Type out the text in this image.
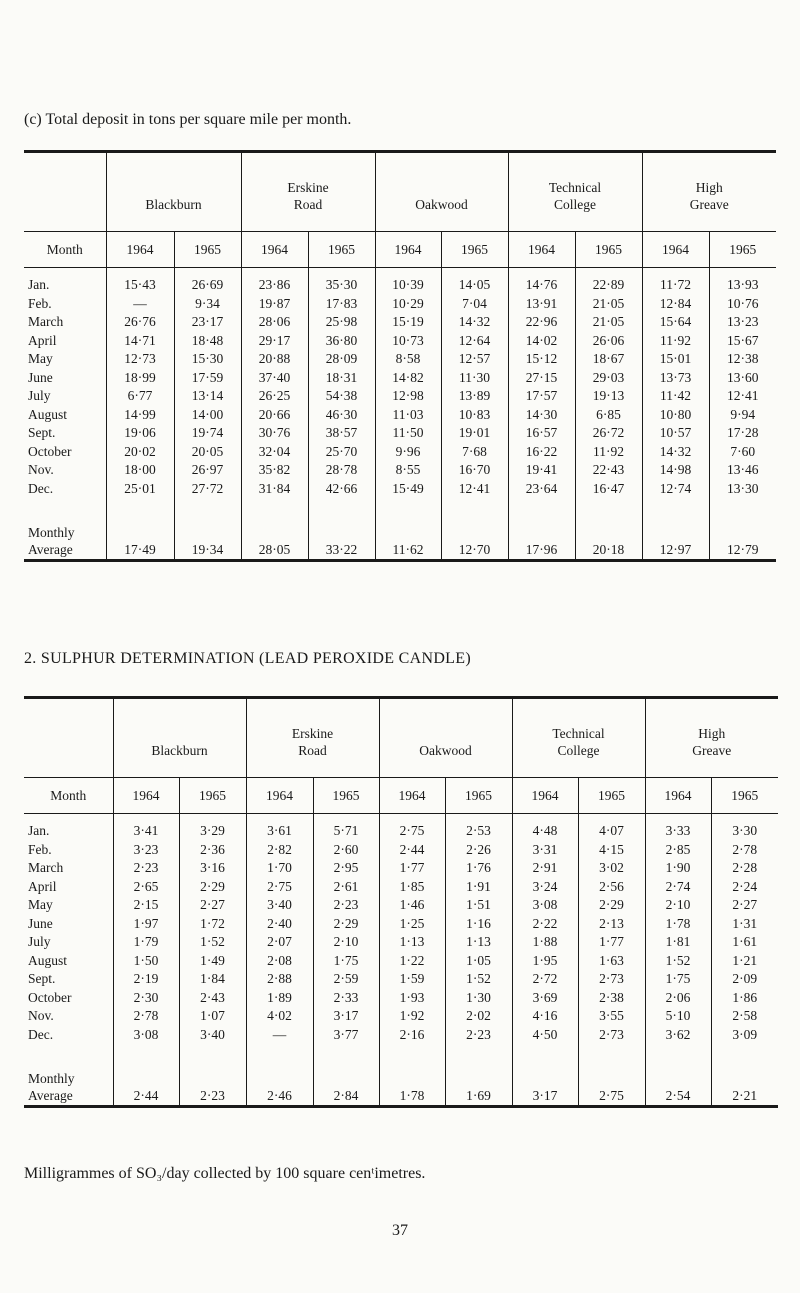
(c) Total deposit in tons per square mile per month.
	Blackburn		Erskine
Road		Oakwood		Technical
College		High
Greave	
Month	1964	1965	1964	1965	1964	1965	1964	1965	1964	1965
Jan.	15·43	26·69	23·86	35·30	10·39	14·05	14·76	22·89	11·72	13·93
Feb.	—	9·34	19·87	17·83	10·29	7·04	13·91	21·05	12·84	10·76
March	26·76	23·17	28·06	25·98	15·19	14·32	22·96	21·05	15·64	13·23
April	14·71	18·48	29·17	36·80	10·73	12·64	14·02	26·06	11·92	15·67
May	12·73	15·30	20·88	28·09	8·58	12·57	15·12	18·67	15·01	12·38
June	18·99	17·59	37·40	18·31	14·82	11·30	27·15	29·03	13·73	13·60
July	6·77	13·14	26·25	54·38	12·98	13·89	17·57	19·13	11·42	12·41
August	14·99	14·00	20·66	46·30	11·03	10·83	14·30	6·85	10·80	9·94
Sept.	19·06	19·74	30·76	38·57	11·50	19·01	16·57	26·72	10·57	17·28
October	20·02	20·05	32·04	25·70	9·96	7·68	16·22	11·92	14·32	7·60
Nov.	18·00	26·97	35·82	28·78	8·55	16·70	19·41	22·43	14·98	13·46
Dec.	25·01	27·72	31·84	42·66	15·49	12·41	23·64	16·47	12·74	13·30

Monthly
Average	17·49	19·34	28·05	33·22	11·62	12·70	17·96	20·18	12·97	12·79
2. SULPHUR DETERMINATION (LEAD PEROXIDE CANDLE)
	Blackburn		Erskine
Road		Oakwood		Technical
College		High
Greave	
Month	1964	1965	1964	1965	1964	1965	1964	1965	1964	1965
Jan.	3·41	3·29	3·61	5·71	2·75	2·53	4·48	4·07	3·33	3·30
Feb.	3·23	2·36	2·82	2·60	2·44	2·26	3·31	4·15	2·85	2·78
March	2·23	3·16	1·70	2·95	1·77	1·76	2·91	3·02	1·90	2·28
April	2·65	2·29	2·75	2·61	1·85	1·91	3·24	2·56	2·74	2·24
May	2·15	2·27	3·40	2·23	1·46	1·51	3·08	2·29	2·10	2·27
June	1·97	1·72	2·40	2·29	1·25	1·16	2·22	2·13	1·78	1·31
July	1·79	1·52	2·07	2·10	1·13	1·13	1·88	1·77	1·81	1·61
August	1·50	1·49	2·08	1·75	1·22	1·05	1·95	1·63	1·52	1·21
Sept.	2·19	1·84	2·88	2·59	1·59	1·52	2·72	2·73	1·75	2·09
October	2·30	2·43	1·89	2·33	1·93	1·30	3·69	2·38	2·06	1·86
Nov.	2·78	1·07	4·02	3·17	1·92	2·02	4·16	3·55	5·10	2·58
Dec.	3·08	3·40	—	3·77	2·16	2·23	4·50	2·73	3·62	3·09

Monthly
Average	2·44	2·23	2·46	2·84	1·78	1·69	3·17	2·75	2·54	2·21
Milligrammes of SO₃/day collected by 100 square cenᵗimetres.
37
